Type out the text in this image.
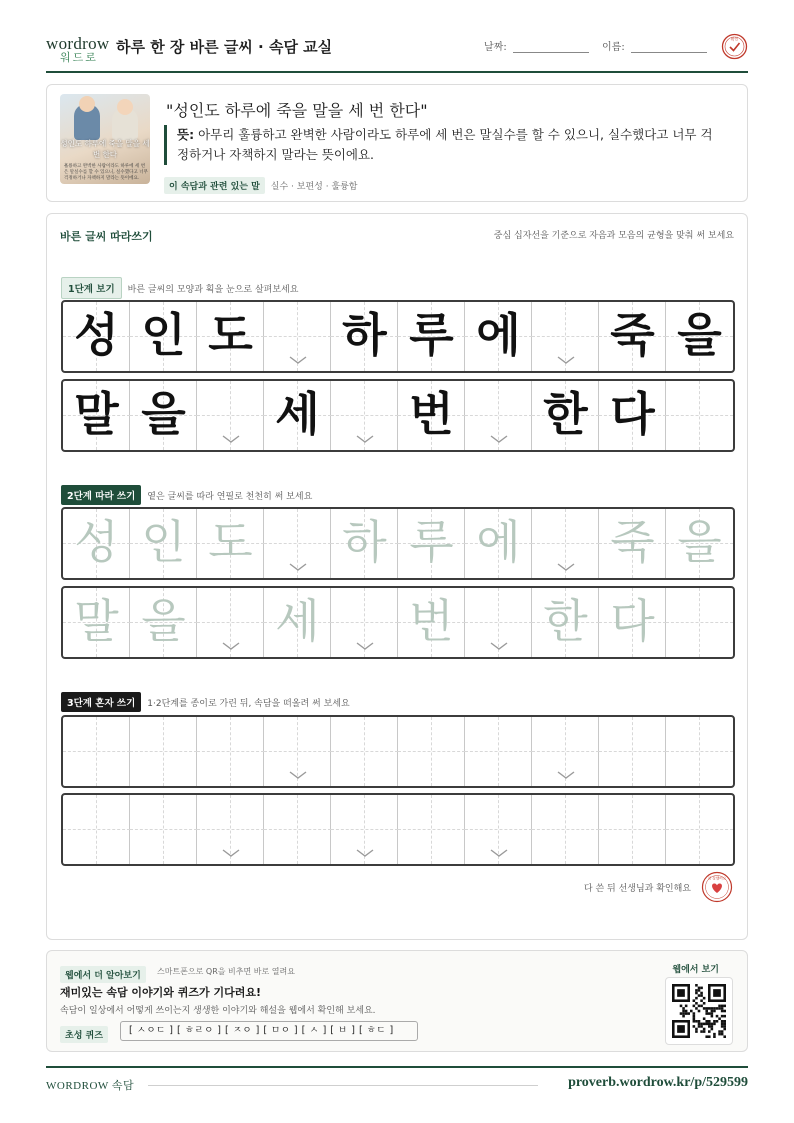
wordrow
워드로
하루 한 장 바른 글씨 · 속담 교실	날짜:	이름:
확인
성인도 하루에 죽을 말을 세 번 한다
훌륭하고 완벽한 사람이라도 하루에 세 번은 말실수를 할 수 있으니, 실수했다고 너무 걱정하거나 자책하지 말라는 뜻이에요.
"성인도 하루에 죽을 말을 세 번 한다"
뜻: 아무리 훌륭하고 완벽한 사람이라도 하루에 세 번은 말실수를 할 수 있으니, 실수했다고 너무 걱정하거나 자책하지 말라는 뜻이에요.
이 속담과 관련 있는 말 실수 · 보편성 · 훌륭함
바른 글씨 따라쓰기	중심 십자선을 기준으로 자음과 모음의 균형을 맞춰 써 보세요
1단계 보기 바른 글씨의 모양과 획을 눈으로 살펴보세요
성 인 도 하 루 에 죽 을
말 을 세 번 한 다
2단계 따라 쓰기 옅은 글씨를 따라 연필로 천천히 써 보세요
성 인 도 하 루 에 죽 을
말 을 세 번 한 다
3단계 혼자 쓰기 1·2단계를 종이로 가린 뒤, 속담을 떠올려 써 보세요
다 쓴 뒤 선생님과 확인해요
참 잘했어요
웹에서 더 알아보기	스마트폰으로 QR을 비추면 바로 열려요
재미있는 속담 이야기와 퀴즈가 기다려요!
속담이 일상에서 어떻게 쓰이는지 생생한 이야기와 해설을 웹에서 확인해 보세요.
초성 퀴즈	[ ㅅㅇㄷ ] [ ㅎㄹㅇ ] [ ㅈㅇ ] [ ㅁㅇ ] [ ㅅ ] [ ㅂ ] [ ㅎㄷ ]
웹에서 보기
WORDROW 속담	proverb.wordrow.kr/p/529599
